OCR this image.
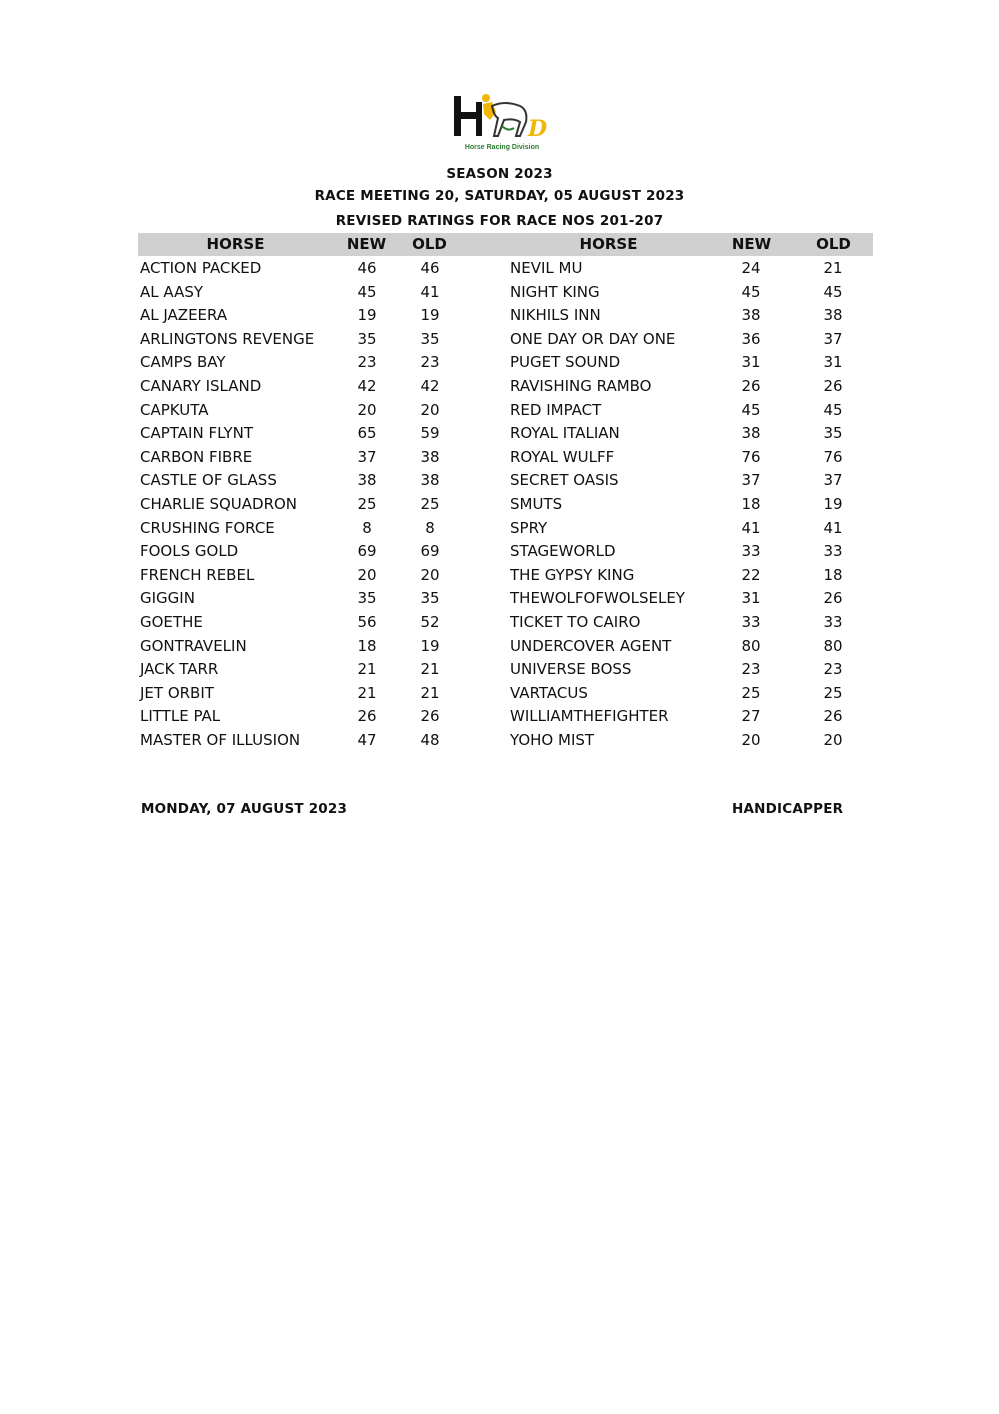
D
Horse Racing Division
SEASON 2023
RACE MEETING 20, SATURDAY, 05 AUGUST 2023
REVISED RATINGS FOR RACE NOS 201-207
HORSE	NEW	OLD	HORSE	NEW	OLD
ACTION PACKED	46	46	NEVIL MU	24	21
AL AASY	45	41	NIGHT KING	45	45
AL JAZEERA	19	19	NIKHILS INN	38	38
ARLINGTONS REVENGE	35	35	ONE DAY OR DAY ONE	36	37
CAMPS BAY	23	23	PUGET SOUND	31	31
CANARY ISLAND	42	42	RAVISHING RAMBO	26	26
CAPKUTA	20	20	RED IMPACT	45	45
CAPTAIN FLYNT	65	59	ROYAL ITALIAN	38	35
CARBON FIBRE	37	38	ROYAL WULFF	76	76
CASTLE OF GLASS	38	38	SECRET OASIS	37	37
CHARLIE SQUADRON	25	25	SMUTS	18	19
CRUSHING FORCE	8	8	SPRY	41	41
FOOLS GOLD	69	69	STAGEWORLD	33	33
FRENCH REBEL	20	20	THE GYPSY KING	22	18
GIGGIN	35	35	THEWOLFOFWOLSELEY	31	26
GOETHE	56	52	TICKET TO CAIRO	33	33
GONTRAVELIN	18	19	UNDERCOVER AGENT	80	80
JACK TARR	21	21	UNIVERSE BOSS	23	23
JET ORBIT	21	21	VARTACUS	25	25
LITTLE PAL	26	26	WILLIAMTHEFIGHTER	27	26
MASTER OF ILLUSION	47	48	YOHO MIST	20	20
MONDAY, 07 AUGUST 2023	HANDICAPPER
